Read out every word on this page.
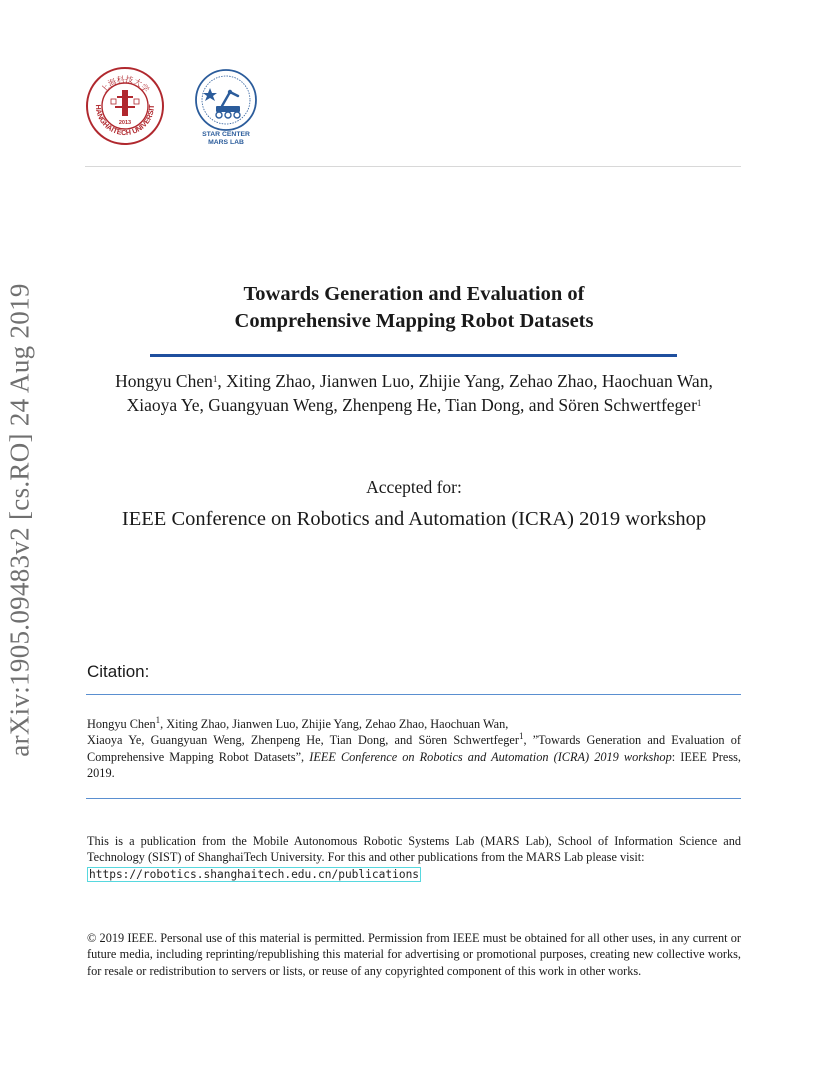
arXiv:1905.09483v2 [cs.RO] 24 Aug 2019
HANGHAITECH UNIVERSIT
上海科技大学
2013
STAR CENTER
MARS LAB
Towards Generation and Evaluation of
Comprehensive Mapping Robot Datasets
Hongyu Chen$^1$, Xiting Zhao, Jianwen Luo, Zhijie Yang, Zehao Zhao, Haochuan Wan,
Xiaoya Ye, Guangyuan Weng, Zhenpeng He, Tian Dong, and Sören Schwertfeger$^1$
Accepted for:
IEEE Conference on Robotics and Automation (ICRA) 2019 workshop
Citation:
Hongyu Chen$^1$, Xiting Zhao, Jianwen Luo, Zhijie Yang, Zehao Zhao, Haochuan Wan,
Xiaoya Ye, Guangyuan Weng, Zhenpeng He, Tian Dong, and Sören Schwertfeger$^1$, ”Towards Generation and Evaluation of Comprehensive Mapping Robot Datasets”, IEEE Conference on Robotics and Automation (ICRA) 2019 workshop: IEEE Press, 2019.
This is a publication from the Mobile Autonomous Robotic Systems Lab (MARS Lab), School of Information Science and Technology (SIST) of ShanghaiTech University. For this and other publications from the MARS Lab please visit:
https://robotics.shanghaitech.edu.cn/publications
© 2019 IEEE. Personal use of this material is permitted. Permission from IEEE must be obtained for all other uses, in any current or future media, including reprinting/republishing this material for advertising or promotional purposes, creating new collective works, for resale or redistribution to servers or lists, or reuse of any copyrighted component of this work in other works.
